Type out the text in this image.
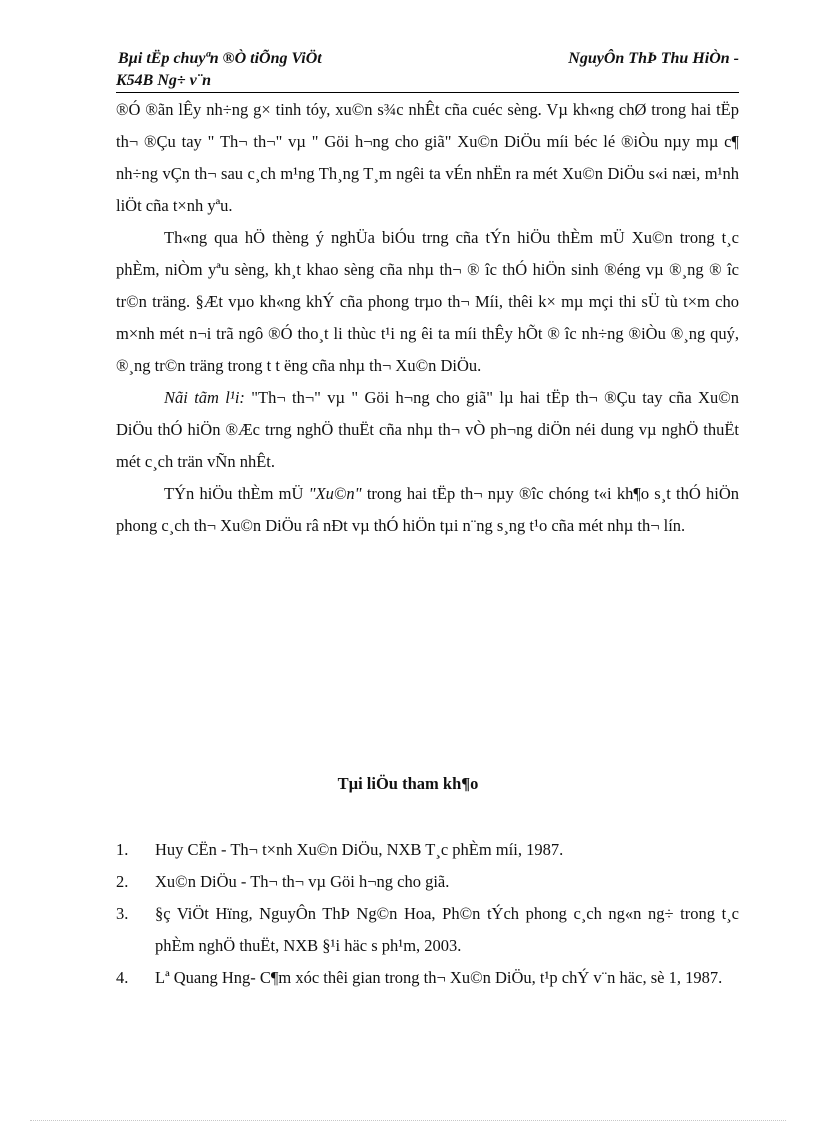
Bµi tËp chuyªn ®Ò tiÕng ViÖt	NguyÔn ThÞ Thu HiÒn -
K54B Ng÷ v¨n

®Ó ®ãn lÊy nh÷ng g× tinh tóy, xu©n s¾c nhÊt cña cuéc sèng. Vµ kh«ng chØ trong hai tËp th¬ ®Çu tay " Th¬ th¬" vµ " Göi h¬ng cho giã" Xu©n DiÖu míi béc lé ®iÒu nµy mµ c¶ nh÷ng vÇn th¬ sau c¸ch m¹ng Th¸ng T¸m ngêi ta vÉn nhËn ra mét Xu©n DiÖu s«i næi, m¹nh liÖt cña t×nh yªu.

Th«ng qua hÖ thèng ý nghÜa biÓu trng cña tÝn hiÖu thÈm mÜ Xu©n trong t¸c phÈm, niÒm yªu sèng, kh¸t khao sèng cña nhµ th¬ ® îc thÓ hiÖn sinh ®éng vµ ®¸ng ® îc tr©n träng. §Æt vµo kh«ng khÝ cña phong trµo th¬ Míi, thêi k× mµ mçi thi sÜ tù t×m cho m×nh mét n¬i trã ngô ®Ó tho¸t li thùc t¹i ng êi ta míi thÊy hÕt ® îc nh÷ng ®iÒu ®¸ng quý, ®¸ng tr©n träng trong t t ëng cña nhµ th¬ Xu©n DiÖu.

Nãi tãm l¹i: "Th¬ th¬" vµ " Göi h¬ng cho giã" lµ hai tËp th¬ ®Çu tay cña Xu©n DiÖu thÓ hiÖn ®Æc trng nghÖ thuËt cña nhµ th¬ vÒ ph¬ng diÖn néi dung vµ nghÖ thuËt mét c¸ch trän vÑn nhÊt.

TÝn hiÖu thÈm mÜ "Xu©n" trong hai tËp th¬ nµy ®îc chóng t«i kh¶o s¸t thÓ hiÖn phong c¸ch th¬ Xu©n DiÖu râ nÐt vµ thÓ hiÖn tµi n¨ng s¸ng t¹o cña mét nhµ th¬ lín.

Tµi liÖu tham kh¶o
1.	Huy CËn - Th¬ t×nh Xu©n DiÖu, NXB T¸c phÈm míi, 1987.
2.	Xu©n DiÖu - Th¬ th¬ vµ Göi h¬ng cho giã.
3.	§ç ViÖt Hïng, NguyÔn ThÞ Ng©n Hoa, Ph©n tÝch phong c¸ch ng«n ng÷ trong t¸c phÈm nghÖ thuËt, NXB §¹i häc s ph¹m, 2003.
4.	Lª Quang Hng- C¶m xóc thêi gian trong th¬ Xu©n DiÖu, t¹p chÝ v¨n häc, sè 1, 1987.
